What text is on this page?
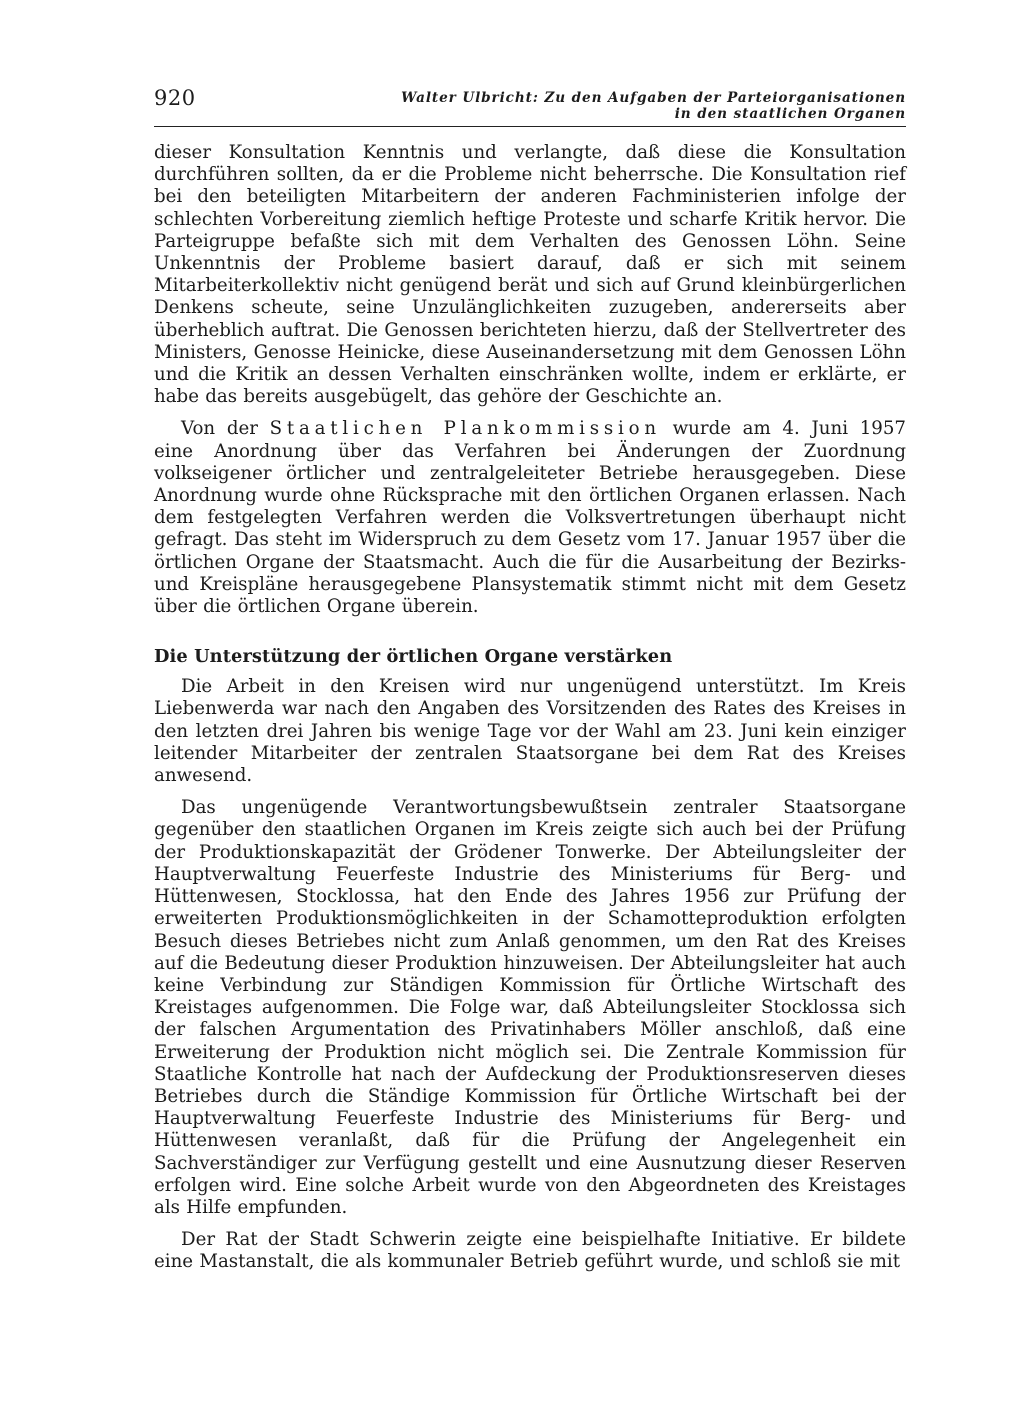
920	Walter Ulbricht: Zu den Aufgaben der Parteiorganisationen
in den staatlichen Organen

dieser Konsultation Kenntnis und verlangte, daß diese die Konsultation durchführen sollten, da er die Probleme nicht beherrsche. Die Konsultation rief bei den beteiligten Mitarbeitern der anderen Fachministerien infolge der schlechten Vorbereitung ziemlich heftige Proteste und scharfe Kritik hervor. Die Parteigruppe befaßte sich mit dem Verhalten des Genossen Löhn. Seine Unkenntnis der Probleme basiert darauf, daß er sich mit seinem Mitarbeiterkollektiv nicht genügend berät und sich auf Grund kleinbürgerlichen Denkens scheute, seine Unzulänglichkeiten zuzugeben, andererseits aber überheblich auftrat. Die Genossen berichteten hierzu, daß der Stellvertreter des Ministers, Genosse Heinicke, diese Auseinandersetzung mit dem Genossen Löhn und die Kritik an dessen Verhalten einschränken wollte, indem er erklärte, er habe das bereits ausgebügelt, das gehöre der Geschichte an.

Von der Staatlichen Plankommission wurde am 4. Juni 1957 eine Anordnung über das Verfahren bei Änderungen der Zuordnung volkseigener örtlicher und zentralgeleiteter Betriebe herausgegeben. Diese Anordnung wurde ohne Rücksprache mit den örtlichen Organen erlassen. Nach dem festgelegten Verfahren werden die Volksvertretungen überhaupt nicht gefragt. Das steht im Widerspruch zu dem Gesetz vom 17. Januar 1957 über die örtlichen Organe der Staatsmacht. Auch die für die Ausarbeitung der Bezirks- und Kreispläne herausgegebene Plansystematik stimmt nicht mit dem Gesetz über die örtlichen Organe überein.

Die Unterstützung der örtlichen Organe verstärken

Die Arbeit in den Kreisen wird nur ungenügend unterstützt. Im Kreis Liebenwerda war nach den Angaben des Vorsitzenden des Rates des Kreises in den letzten drei Jahren bis wenige Tage vor der Wahl am 23. Juni kein einziger leitender Mitarbeiter der zentralen Staatsorgane bei dem Rat des Kreises anwesend.

Das ungenügende Verantwortungsbewußtsein zentraler Staatsorgane gegenüber den staatlichen Organen im Kreis zeigte sich auch bei der Prüfung der Produktionskapazität der Grödener Tonwerke. Der Abteilungsleiter der Hauptverwaltung Feuerfeste Industrie des Ministeriums für Berg- und Hüttenwesen, Stocklossa, hat den Ende des Jahres 1956 zur Prüfung der erweiterten Produktionsmöglichkeiten in der Schamotteproduktion erfolgten Besuch dieses Betriebes nicht zum Anlaß genommen, um den Rat des Kreises auf die Bedeutung dieser Produktion hinzuweisen. Der Abteilungsleiter hat auch keine Verbindung zur Ständigen Kommission für Örtliche Wirtschaft des Kreistages aufgenommen. Die Folge war, daß Abteilungsleiter Stocklossa sich der falschen Argumentation des Privatinhabers Möller anschloß, daß eine Erweiterung der Produktion nicht möglich sei. Die Zentrale Kommission für Staatliche Kontrolle hat nach der Aufdeckung der Produktionsreserven dieses Betriebes durch die Ständige Kommission für Örtliche Wirtschaft bei der Hauptverwaltung Feuerfeste Industrie des Ministeriums für Berg- und Hüttenwesen veranlaßt, daß für die Prüfung der Angelegenheit ein Sachverständiger zur Verfügung gestellt und eine Ausnutzung dieser Reserven erfolgen wird. Eine solche Arbeit wurde von den Abgeordneten des Kreistages als Hilfe empfunden.

Der Rat der Stadt Schwerin zeigte eine beispielhafte Initiative. Er bildete eine Mastanstalt, die als kommunaler Betrieb geführt wurde, und schloß sie mit
